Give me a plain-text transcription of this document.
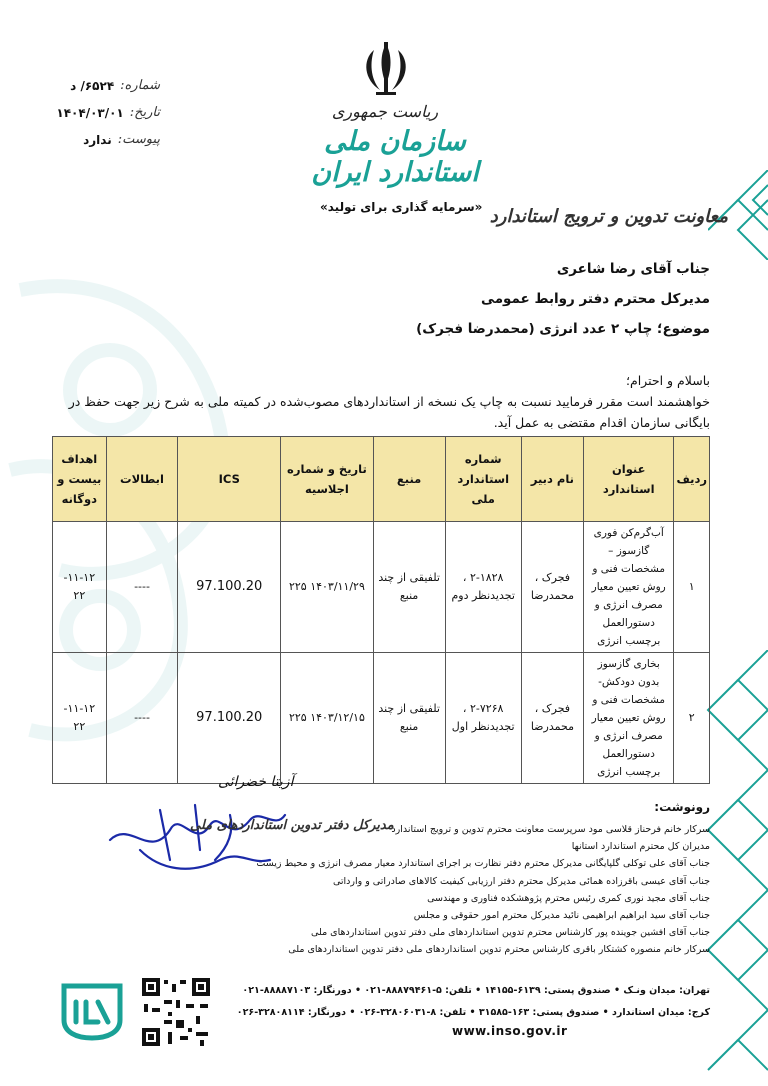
ریاست جمهوری
سازمان ملی استاندارد ایران
شماره:
۶۵۲۴/ د
تاریخ:
۱۴۰۴/۰۳/۰۱
پیوست:
ندارد
معاونت تدوین و ترویج استاندارد
«سرمایه گذاری برای تولید»
جناب آقای رضا شاعری
مدیرکل محترم دفتر روابط عمومی
موضوع؛ چاپ ۲ عدد انرژی (محمدرضا فجرک)
باسلام و احترام؛
خواهشمند است مقرر فرمایید نسبت به چاپ یک نسخه از استانداردهای مصوب‌شده در کمیته ملی به شرح زیر جهت حفظ در بایگانی سازمان اقدام مقتضی به عمل آید.
ردیف	عنوان استاندارد	نام دبیر	شماره استاندارد ملی	منبع	تاریخ و شماره اجلاسیه	ICS	ابطالات	اهداف بیست و دوگانه
۱	آب‌گرم‌کن فوری گازسوز – مشخصات فنی و روش تعیین معیار مصرف انرژی و دستورالعمل برچسب انرژی	فجرک ، محمدرضا	۲-۱۸۲۸ ، تجدیدنظر دوم	تلفیقی از چند منبع	۱۴۰۳/۱۱/۲۹ ۲۲۵	97.100.20	----	۱۱-۱۲- ۲۲
۲	بخاری گازسوز بدون دودکش- مشخصات فنی و روش تعیین معیار مصرف انرژی و دستورالعمل برچسب انرژی	فجرک ، محمدرضا	۲-۷۲۶۸ ، تجدیدنظر اول	تلفیقی از چند منبع	۱۴۰۳/۱۲/۱۵ ۲۲۵	97.100.20	----	۱۱-۱۲- ۲۲
آزیتا خضرائی
مدیرکل دفتر تدوین استانداردهای ملی
رونوشت:
سرکار خانم فرحناز قلاسی مود سرپرست معاونت محترم تدوین و ترویج استاندارد
مدیران کل محترم استاندارد استانها
جناب آقای علی توکلی گلپایگانی مدیرکل محترم دفتر نظارت بر اجرای استاندارد معیار مصرف انرژی و محیط زیست
جناب آقای عیسی باقرزاده همائی مدیرکل محترم دفتر ارزیابی کیفیت کالاهای صادراتی و وارداتی
جناب آقای مجید نوری کمری رئیس محترم پژوهشکده فناوری و مهندسی
جناب آقای سید ابراهیم ابراهیمی نائید مدیرکل محترم امور حقوقی و مجلس
جناب آقای افشین جوینده پور کارشناس محترم تدوین استانداردهای ملی دفتر تدوین استانداردهای ملی
سرکار خانم منصوره کشتکار باقری کارشناس محترم تدوین استانداردهای ملی دفتر تدوین استانداردهای ملی
تهران: میدان ونـک • صندوق پستی: ۶۱۳۹-۱۴۱۵۵ • تلفن: ۵-۸۸۸۷۹۴۶۱-۰۲۱ • دورنگار: ۸۸۸۸۷۱۰۳-۰۲۱
کرج: میدان استاندارد • صندوق پستی: ۱۶۳-۳۱۵۸۵ • تلفن: ۸-۳۲۸۰۶۰۳۱-۰۲۶ • دورنگار: ۳۲۸۰۸۱۱۴-۰۲۶
www.inso.gov.ir
